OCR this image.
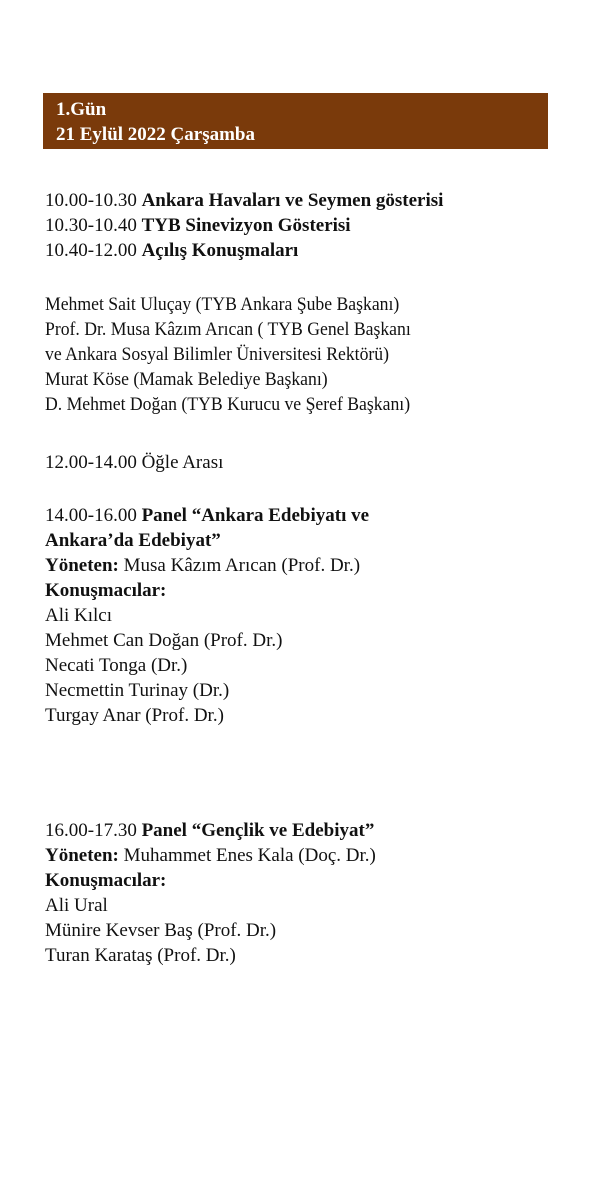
1.Gün
21 Eylül 2022 Çarşamba
10.00-10.30 Ankara Havaları ve Seymen gösterisi
10.30-10.40 TYB Sinevizyon Gösterisi
10.40-12.00 Açılış Konuşmaları
Mehmet Sait Uluçay (TYB Ankara Şube Başkanı)
Prof. Dr. Musa Kâzım Arıcan ( TYB Genel Başkanı
ve Ankara Sosyal Bilimler Üniversitesi Rektörü)
Murat Köse (Mamak Belediye Başkanı)
D. Mehmet Doğan (TYB Kurucu ve Şeref Başkanı)
12.00-14.00 Öğle Arası
14.00-16.00 Panel “Ankara Edebiyatı ve
Ankara’da Edebiyat”
Yöneten: Musa Kâzım Arıcan (Prof. Dr.)
Konuşmacılar:
Ali Kılcı
Mehmet Can Doğan (Prof. Dr.)
Necati Tonga (Dr.)
Necmettin Turinay (Dr.)
Turgay Anar (Prof. Dr.)
16.00-17.30 Panel “Gençlik ve Edebiyat”
Yöneten: Muhammet Enes Kala (Doç. Dr.)
Konuşmacılar:
Ali Ural
Münire Kevser Baş (Prof. Dr.)
Turan Karataş (Prof. Dr.)
